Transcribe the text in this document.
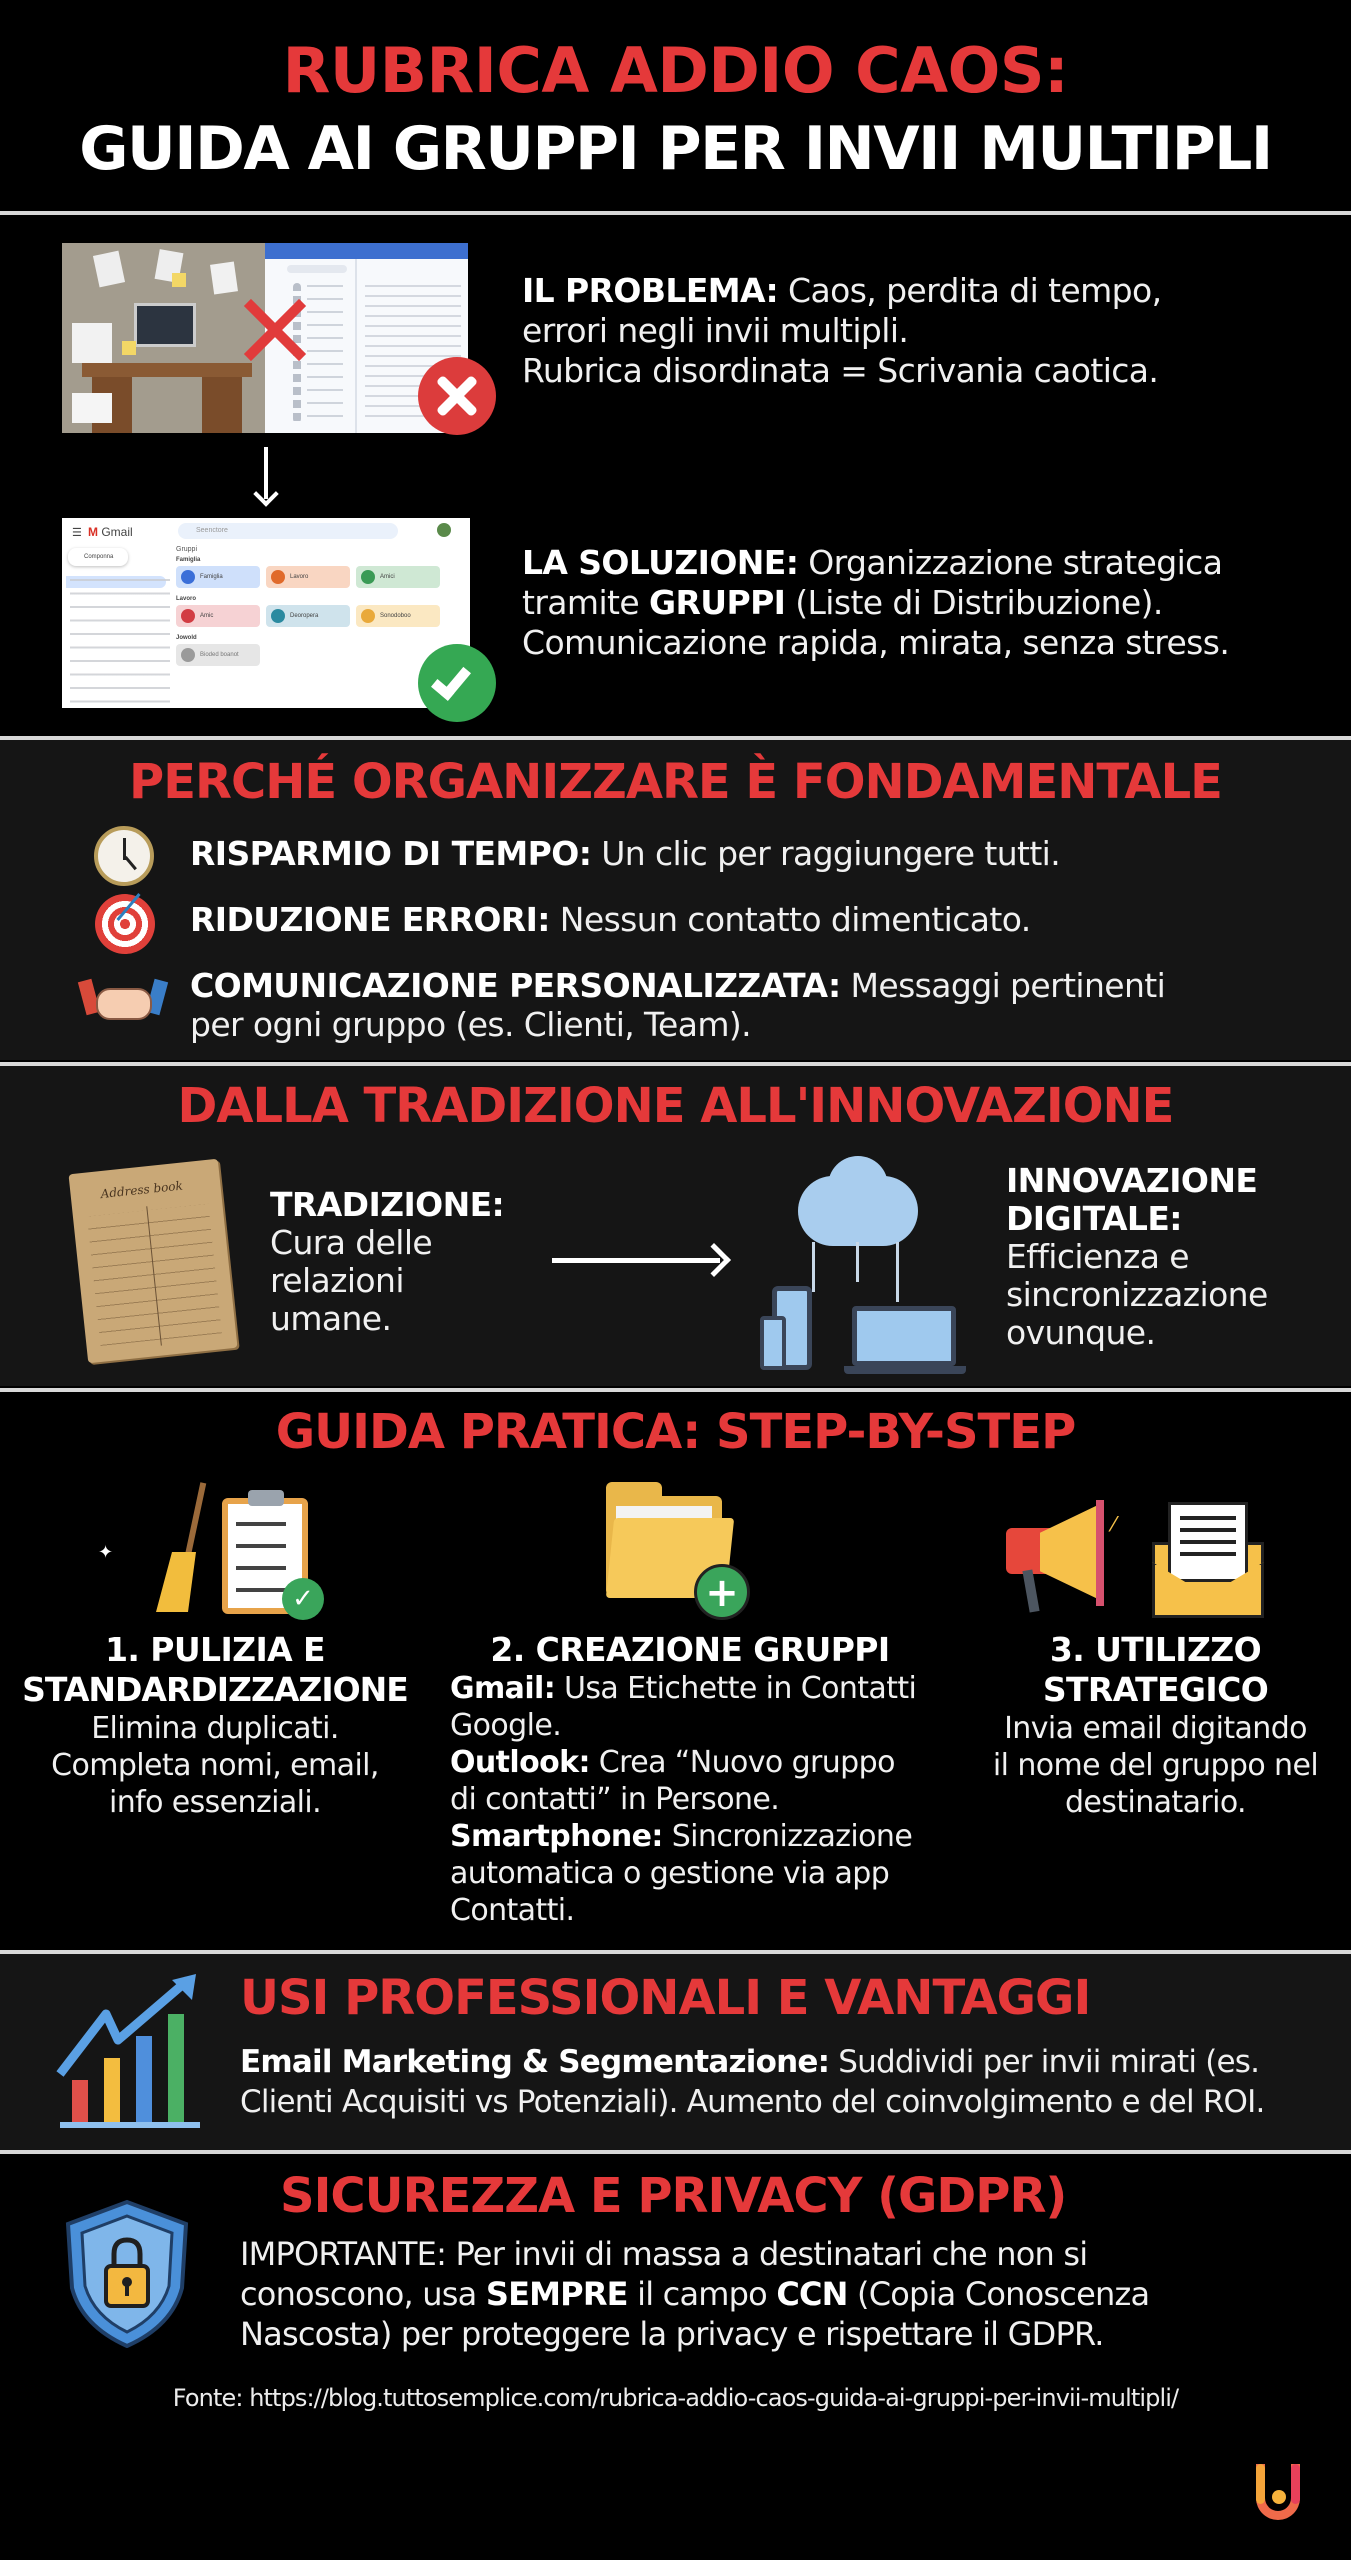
RUBRICA ADDIO CAOS:
GUIDA AI GRUPPI PER INVII MULTIPLI
IL PROBLEMA: Caos, perdita di tempo,
errori negli invii multipli.
Rubrica disordinata = Scrivania caotica.
☰ M Gmail	Seenctore
Componna
Gruppi
Famiglia
Famiglia	Lavoro	Amici
Lavoro
Amic	Deoropera	Sonodoboo
Jowold
Bioded boanot
LA SOLUZIONE: Organizzazione strategica
tramite GRUPPI (Liste di Distribuzione).
Comunicazione rapida, mirata, senza stress.
PERCHÉ ORGANIZZARE È FONDAMENTALE
RISPARMIO DI TEMPO: Un clic per raggiungere tutti.
RIDUZIONE ERRORI: Nessun contatto dimenticato.
COMUNICAZIONE PERSONALIZZATA: Messaggi pertinenti
per ogni gruppo (es. Clienti, Team).
DALLA TRADIZIONE ALL'INNOVAZIONE
Address book	TRADIZIONE:
Cura delle
relazioni
umane.
INNOVAZIONE
DIGITALE:
Efficienza e
sincronizzazione
ovunque.
GUIDA PRATICA: STEP-BY-STEP
✦
✓	+
⁄
1. PULIZIA E
STANDARDIZZAZIONE
Elimina duplicati.
Completa nomi, email,
info essenziali.
2. CREAZIONE GRUPPI
Gmail: Usa Etichette in Contatti
Google.
Outlook: Crea “Nuovo gruppo
di contatti” in Persone.
Smartphone: Sincronizzazione
automatica o gestione via app
Contatti.
3. UTILIZZO
STRATEGICO
Invia email digitando
il nome del gruppo nel
destinatario.
USI PROFESSIONALI E VANTAGGI
Email Marketing & Segmentazione: Suddividi per invii mirati (es.
Clienti Acquisiti vs Potenziali). Aumento del coinvolgimento e del ROI.
SICUREZZA E PRIVACY (GDPR)
IMPORTANTE: Per invii di massa a destinatari che non si
conoscono, usa SEMPRE il campo CCN (Copia Conoscenza
Nascosta) per proteggere la privacy e rispettare il GDPR.
Fonte: https://blog.tuttosemplice.com/rubrica-addio-caos-guida-ai-gruppi-per-invii-multipli/
